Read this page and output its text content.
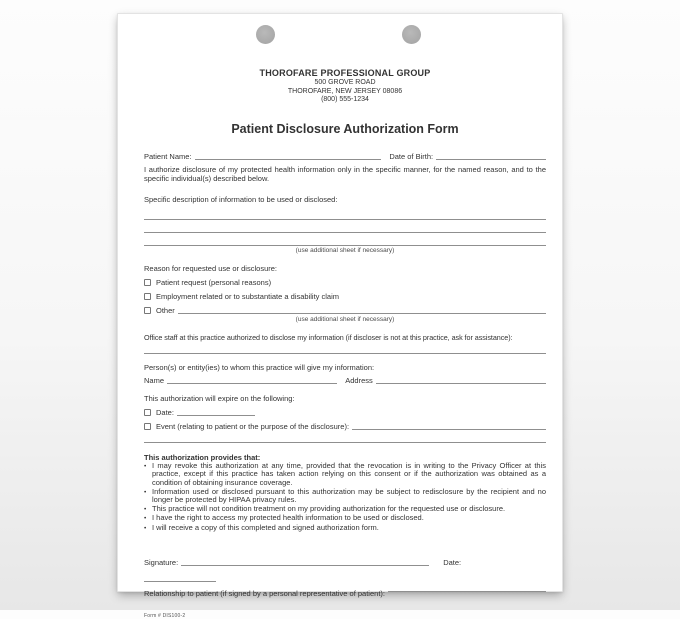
THOROFARE PROFESSIONAL GROUP
500 GROVE ROAD
THOROFARE, NEW JERSEY 08086
(800) 555-1234
Patient Disclosure Authorization Form
Patient Name:	Date of Birth:

I authorize disclosure of my protected health information only in the specific manner, for the named reason, and to the specific individual(s) described below.

Specific description of information to be used or disclosed:
(use additional sheet if necessary)
Reason for requested use or disclosure:
Patient request (personal reasons)
Employment related or to substantiate a disability claim
Other
(use additional sheet if necessary)
Office staff at this practice authorized to disclose my information (if discloser is not at this practice, ask for assistance):
Person(s) or entity(ies) to whom this practice will give my information:
Name	Address
This authorization will expire on the following:
Date:
Event (relating to patient or the purpose of the disclosure):
This authorization provides that:
• I may revoke this authorization at any time, provided that the revocation is in writing to the Privacy Officer at this practice, except if this practice has taken action relying on this consent or if the authorization was obtained as a condition of obtaining insurance coverage.
• Information used or disclosed pursuant to this authorization may be subject to redisclosure by the recipient and no longer be protected by HIPAA privacy rules.
• This practice will not condition treatment on my providing authorization for the requested use or disclosure.
• I have the right to access my protected health information to be used or disclosed.
• I will receive a copy of this completed and signed authorization form.
Signature:	Date:
Relationship to patient (if signed by a personal representative of patient):
Form # DIS100-2
